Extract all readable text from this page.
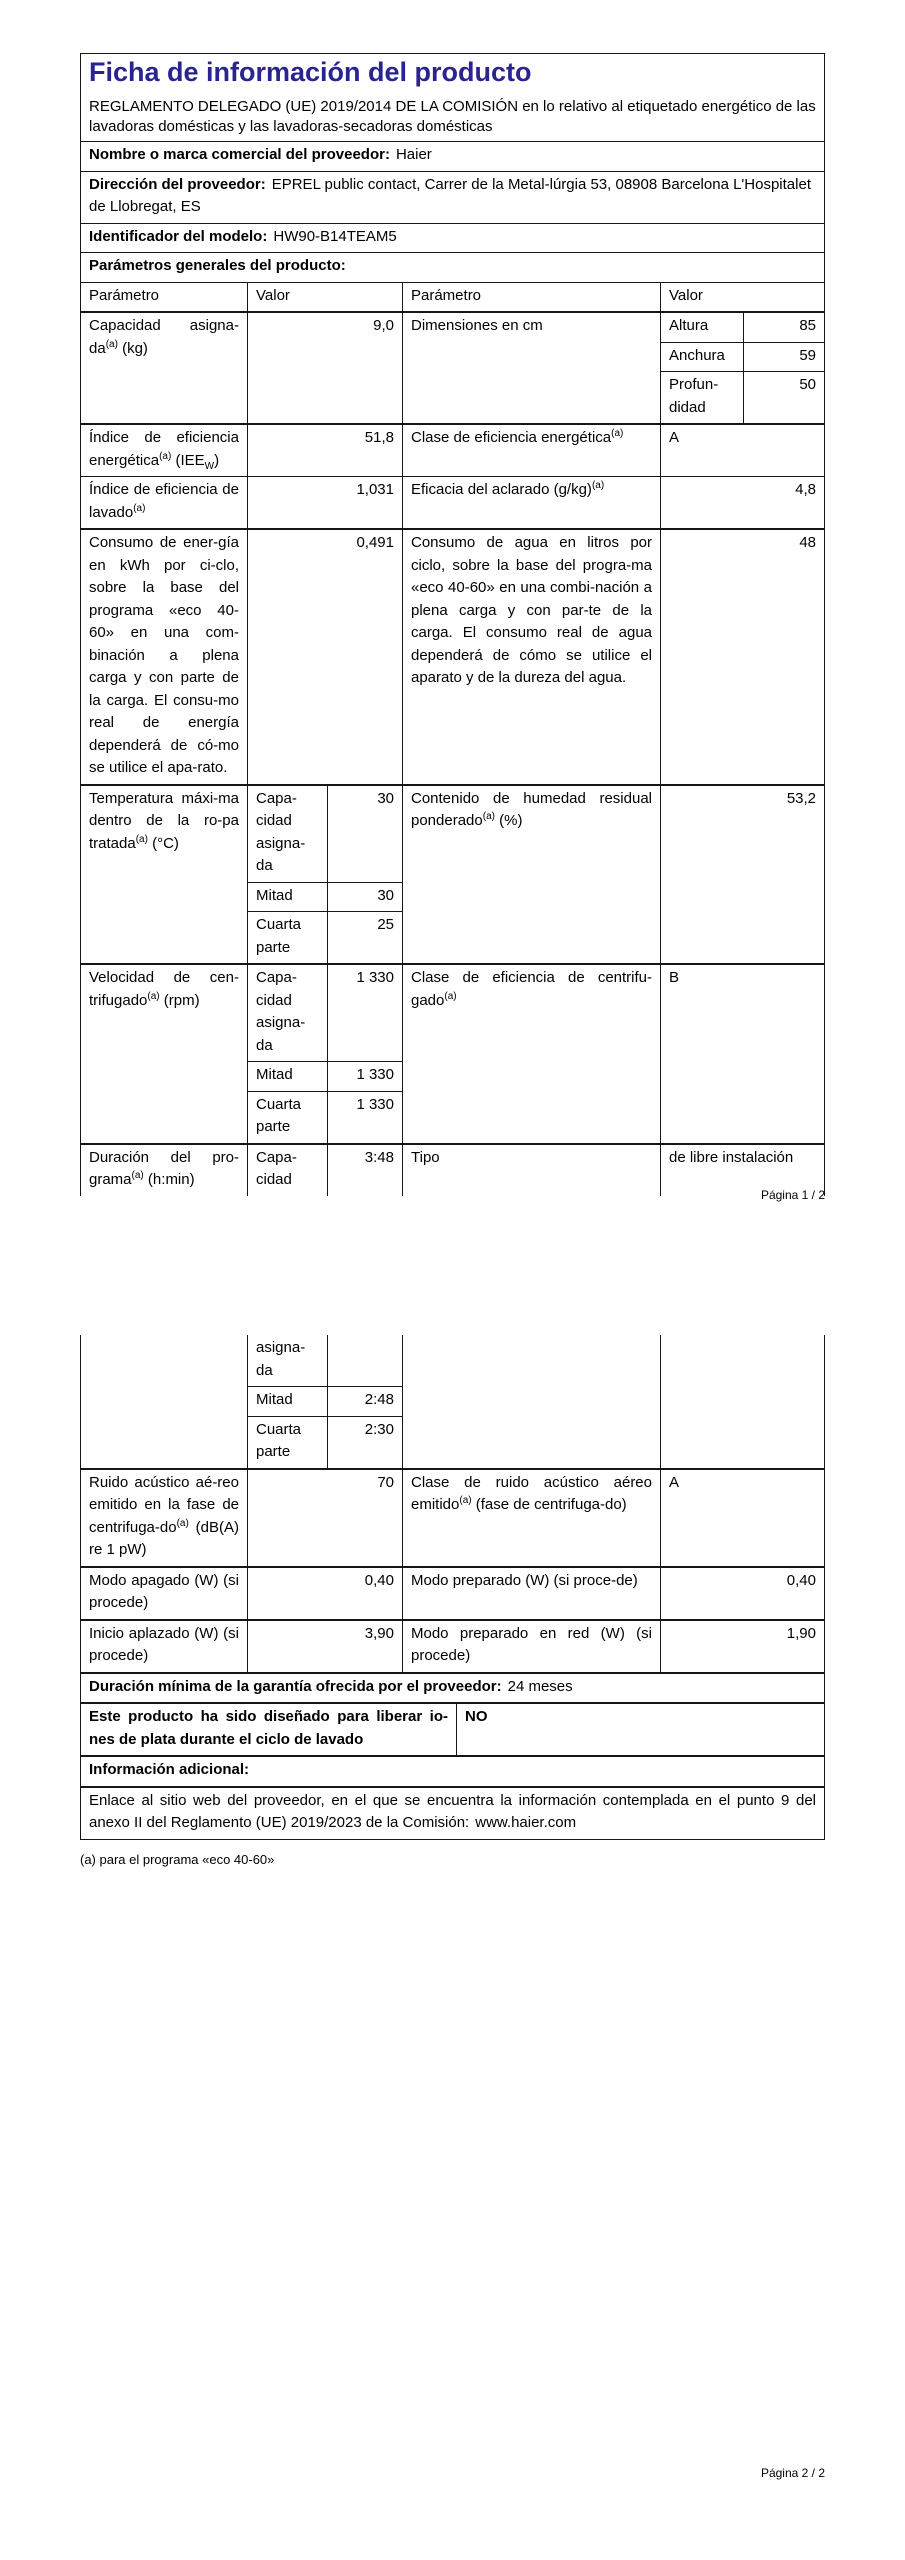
Ficha de información del producto

REGLAMENTO DELEGADO (UE) 2019/2014 DE LA COMISIÓN en lo relativo al etiquetado energético de las lavadoras domésticas y las lavadoras-secadoras domésticas					

Nombre o marca comercial del proveedor: Haier					
Dirección del proveedor: EPREL public contact, Carrer de la Metal-lúrgia 53, 08908 Barcelona L'Hospitalet de Llobregat, ES					
Identificador del modelo: HW90-B14TEAM5					
Parámetros generales del producto:					
Parámetro	Valor		Parámetro	Valor	
Capacidad asigna-$da^{(a)}$ (kg)	9,0		Dimensiones en cm	Altura	85
				Anchura	59
				Profun-didad	50
Índice de eficiencia energética$^{(a)}$ $(IEE_W)$	51,8		Clase de eficiencia energética$^{(a)}$	A	
Índice de eficiencia de lavado$^{(a)}$	1,031		Eficacia del aclarado $(g/kg)^{(a)}$	4,8	
Consumo de ener-gía en kWh por ci-clo, sobre la base del programa «eco 40-60» en una com-binación a plena carga y con parte de la carga. El consu-mo real de energía dependerá de có-mo se utilice el apa-rato.	0,491	Consumo de agua en litros por ciclo, sobre la base del progra-ma «eco 40-60» en una combi-nación a plena carga y con par-te de la carga. El consumo real de agua dependerá de cómo se utilice el aparato y de la dureza del agua.	48
Temperatura máxi-ma dentro de la ro-pa tratada$^{(a)}$ (°C)	Capa-cidad asigna-da	30	Contenido de humedad residual ponderado$^{(a)}$ (%)	53,2	
	Mitad	30			
	Cuarta parte	25			
Velocidad de cen-trifugado$^{(a)}$ (rpm)	Capa-cidad asigna-da	1 330	Clase de eficiencia de centrifu-gado$^{(a)}$	B	
	Mitad	1 330			
	Cuarta parte	1 330			
Duración del pro-grama$^{(a)}$ (h:min)	Capa-cidad	3:48	Tipo	de libre instalación	
Página 1 / 2
	asigna-da				
	Mitad	2:48			
	Cuarta parte	2:30			
Ruido acústico aé-reo emitido en la fase de centrifuga-$do^{(a)}$ (dB(A) re 1 pW)	70		Clase de ruido acústico aéreo emitido$^{(a)}$ (fase de centrifuga-do)		A
Modo apagado (W) (si procede)	0,40		Modo preparado (W) (si proce-de)		0,40
Inicio aplazado (W) (si procede)	3,90		Modo preparado en red (W) (si procede)		1,90
Duración mínima de la garantía ofrecida por el proveedor: 24 meses					
Este producto ha sido diseñado para liberar io-nes de plata durante el ciclo de lavado				NO	
Información adicional:					
Enlace al sitio web del proveedor, en el que se encuentra la información contemplada en el punto 9 del anexo II del Reglamento (UE) 2019/2023 de la Comisión: www.haier.com					
(a) para el programa «eco 40-60»
Página 2 / 2
